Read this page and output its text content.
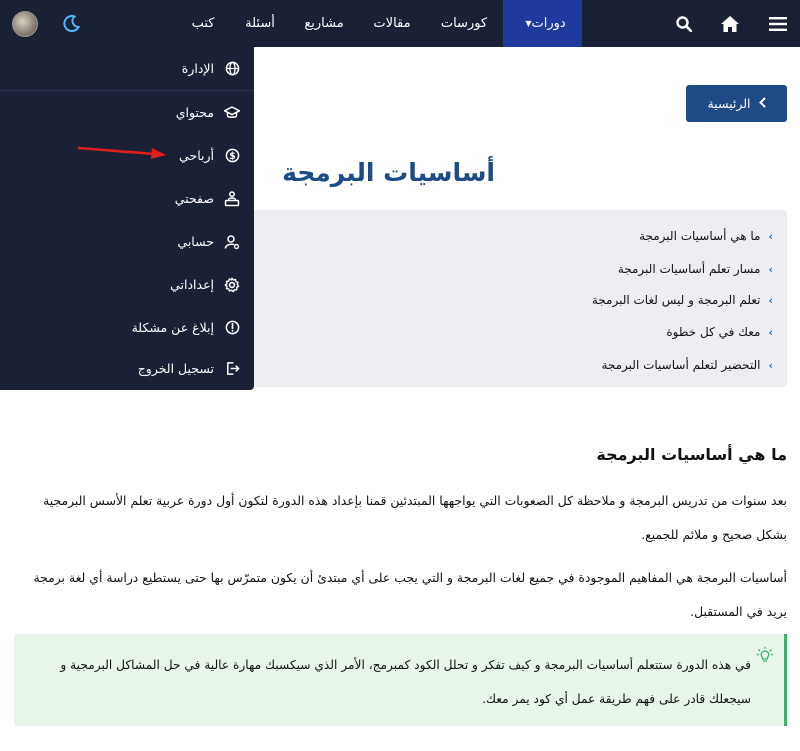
دورات
▼
كورسات
مقالات
مشاريع
أسئلة
كتب
الإدارة
محتواي
$
أرباحي
صفحتي
حسابي
إعداداتي
إبلاغ عن مشكلة
تسجيل الخروج
الرئيسية
أساسيات البرمجة
›
ما هي أساسيات البرمجة
›
مسار تعلم أساسيات البرمجة
›
تعلم البرمجة و ليس لغات البرمجة
›
معك في كل خطوة
›
التحضير لتعلم أساسيات البرمجة
ما هي أساسيات البرمجة

بعد سنوات من تدريس البرمجة و ملاحظة كل الصعوبات التي يواجهها المبتدئين قمنا بإعداد هذه الدورة لتكون أول دورة عربية تعلم الأسس البرمجية بشكل صحيح و ملائم للجميع.

أساسيات البرمجة هي المفاهيم الموجودة في جميع لغات البرمجة و التي يجب على أي مبتدئ أن يكون متمرّس بها حتى يستطيع دراسة أي لغة برمجة يريد في المستقبل.

في هذه الدورة ستتعلم أساسيات البرمجة و كيف تفكر و تحلل الكود كمبرمج، الأمر الذي سيكسبك مهارة عالية في حل المشاكل البرمجية و سيجعلك قادر على فهم طريقة عمل أي كود يمر معك.
